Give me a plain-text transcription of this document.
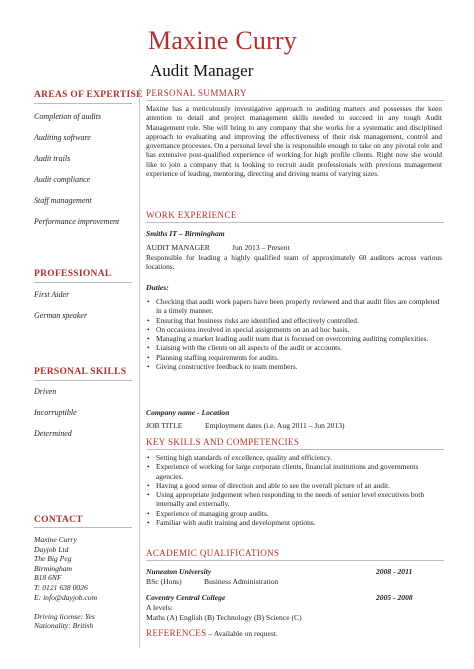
Maxine Curry
Audit Manager
AREAS OF EXPERTISE
Completion of audits
Auditing software
Audit trails
Audit compliance
Staff management
Performance improvement
PROFESSIONAL
First Aider
German speaker
PERSONAL SKILLS
Driven
Incorruptible
Determined
CONTACT
Maxine Curry
Dayjob Ltd
The Big Peg
Birmingham
B18 6NF
T: 0121 638 0026
E: info@dayjob.com
Driving license: Yes
Nationality: British
PERSONAL SUMMARY
Maxine has a meticulously investigative approach to auditing matters and possesses the keen attention to detail and project management skills needed to succeed in any tough Audit Management role. She will bring to any company that she works for a systematic and disciplined approach to evaluating and improving the effectiveness of their risk management, control and governance processes. On a personal level she is responsible enough to take on any pivotal role and has extensive post-qualified experience of working for high profile clients. Right now she would like to join a company that is looking to recruit audit professionals with previous management experience of leading, mentoring, directing and driving teams of varying sizes.
WORK EXPERIENCE
Smiths IT – Birmingham
AUDIT MANAGER	Jun 2013 – Present
Responsible for leading a highly qualified team of approximately 60 auditors across various locations.
Duties:
• Checking that audit work papers have been properly reviewed and that audit files are completed in a timely manner.
• Ensuring that business risks are identified and effectively controlled.
• On occasions involved in special assignments on an ad hoc basis.
• Managing a market leading audit team that is focused on overcoming auditing complexities.
• Liaising with the clients on all aspects of the audit or accounts.
• Planning staffing requirements for audits.
• Giving constructive feedback to team members.
Company name - Location
JOB TITLE	Employment dates (i.e. Aug 2011 – Jun 2013)
KEY SKILLS AND COMPETENCIES
• Setting high standards of excellence, quality and efficiency.
• Experience of working for large corporate clients, financial institutions and governments agencies.
• Having a good sense of direction and able to see the overall picture of an audit.
• Using appropriate judgement when responding to the needs of senior level executives both internally and externally.
• Experience of managing group audits.
• Familiar with audit training and development options.
ACADEMIC QUALIFICATIONS
Nuneaton University	2008 - 2011
BSc (Hons)	Business Administration
Coventry Central College	2005 - 2008
A levels:
Maths (A) English (B) Technology (B) Science (C)
REFERENCES – Available on request.
